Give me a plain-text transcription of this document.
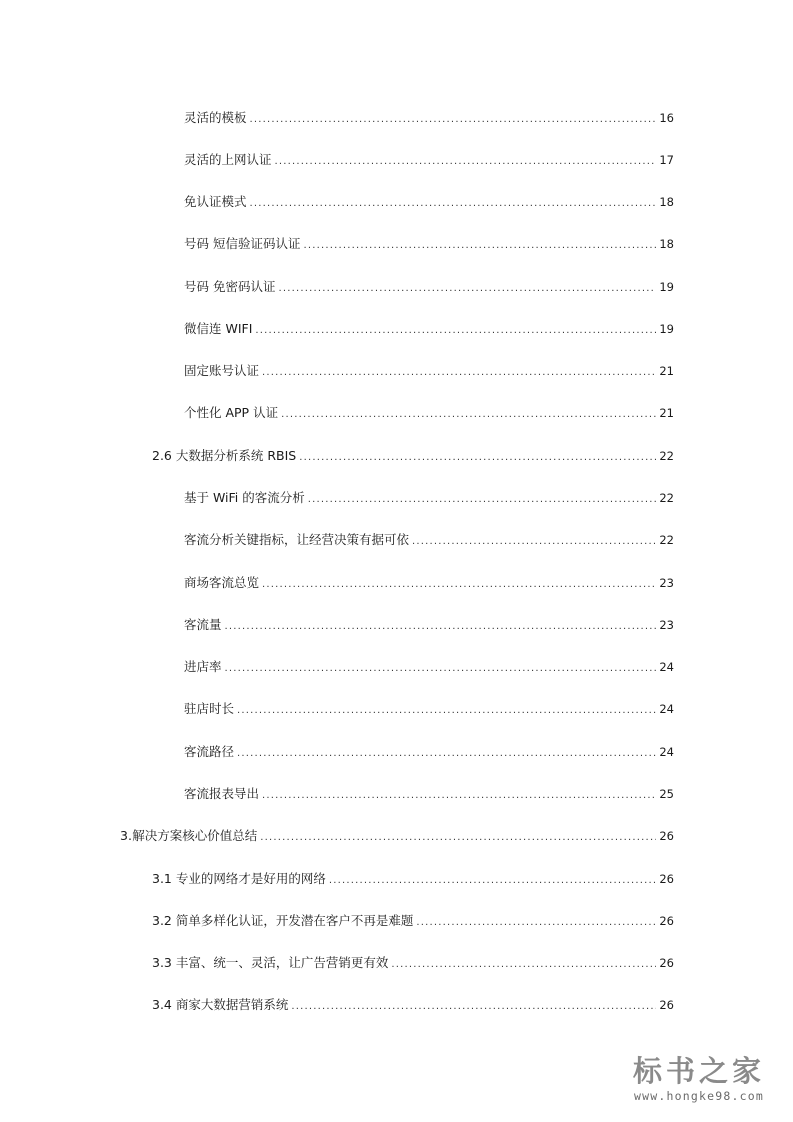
灵活的模板 .....	16
灵活的上网认证 .....	17
免认证模式 .....	18
号码 短信验证码认证 .....	18
号码 免密码认证 .....	19
微信连 WIFI .....	19
固定账号认证 .....	21
个性化 APP 认证 .....	21
2.6 大数据分析系统 RBIS .....	22
基于 WiFi 的客流分析 .....	22
客流分析关键指标，让经营决策有据可依 .....	22
商场客流总览 .....	23
客流量 .....	23
进店率 .....	24
驻店时长 .....	24
客流路径 .....	24
客流报表导出 .....	25
3. 解决方案核心价值总结 .....	26
3.1 专业的网络才是好用的网络 .....	26
3.2 简单多样化认证，开发潜在客户不再是难题 .....	26
3.3 丰富、统一、灵活，让广告营销更有效 .....	26
3.4 商家大数据营销系统 .....	26
标书之家
www.hongke98.com
